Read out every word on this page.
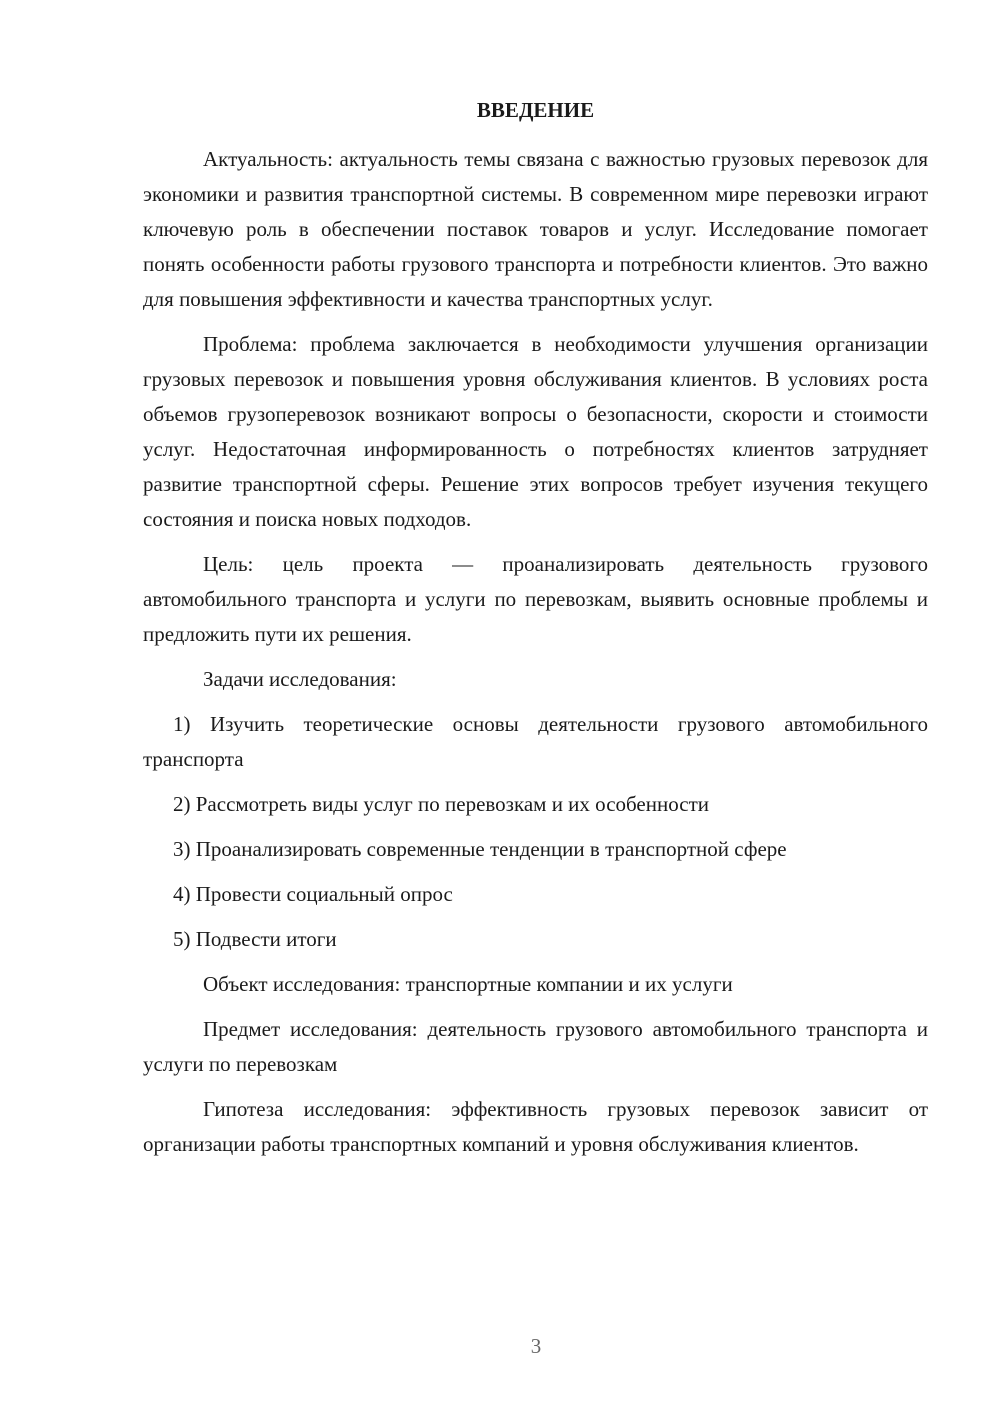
ВВЕДЕНИЕ

Актуальность: актуальность темы связана с важностью грузовых перевозок для экономики и развития транспортной системы. В современном мире перевозки играют ключевую роль в обеспечении поставок товаров и услуг. Исследование помогает понять особенности работы грузового транспорта и потребности клиентов. Это важно для повышения эффективности и качества транспортных услуг.

Проблема: проблема заключается в необходимости улучшения организации грузовых перевозок и повышения уровня обслуживания клиентов. В условиях роста объемов грузоперевозок возникают вопросы о безопасности, скорости и стоимости услуг. Недостаточная информированность о потребностях клиентов затрудняет развитие транспортной сферы. Решение этих вопросов требует изучения текущего состояния и поиска новых подходов.

Цель: цель проекта — проанализировать деятельность грузового автомобильного транспорта и услуги по перевозкам, выявить основные проблемы и предложить пути их решения.

Задачи исследования:

1) Изучить теоретические основы деятельности грузового автомобильного транспорта

2) Рассмотреть виды услуг по перевозкам и их особенности

3) Проанализировать современные тенденции в транспортной сфере

4) Провести социальный опрос

5) Подвести итоги

Объект исследования: транспортные компании и их услуги

Предмет исследования: деятельность грузового автомобильного транспорта и услуги по перевозкам

Гипотеза исследования: эффективность грузовых перевозок зависит от организации работы транспортных компаний и уровня обслуживания клиентов.

3
